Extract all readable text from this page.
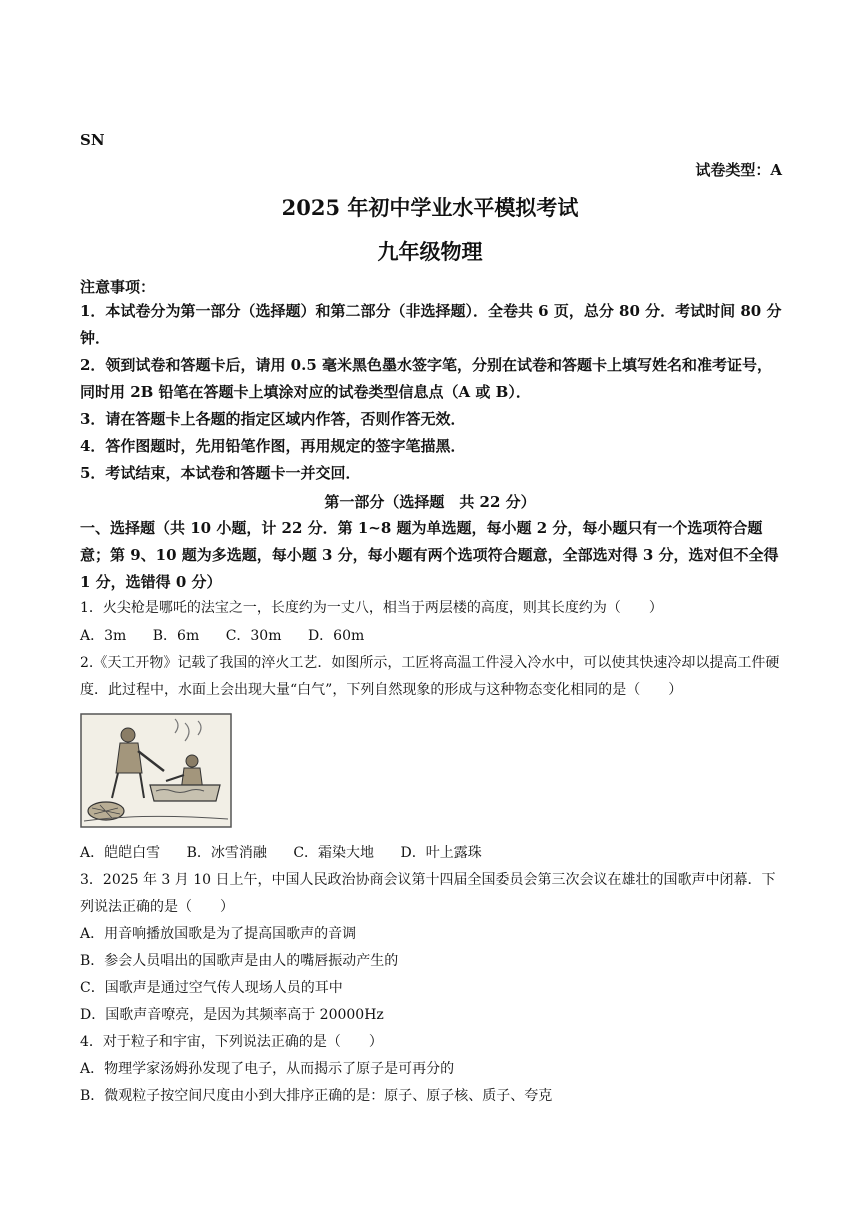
SN
试卷类型：A
2025 年初中学业水平模拟考试
九年级物理
注意事项：
1．本试卷分为第一部分（选择题）和第二部分（非选择题）．全卷共 6 页，总分 80 分．考试时间 80 分钟．
2．领到试卷和答题卡后，请用 0.5 毫米黑色墨水签字笔，分别在试卷和答题卡上填写姓名和准考证号，同时用 2B 铅笔在答题卡上填涂对应的试卷类型信息点（A 或 B）．
3．请在答题卡上各题的指定区域内作答，否则作答无效．
4．答作图题时，先用铅笔作图，再用规定的签字笔描黑．
5．考试结束，本试卷和答题卡一并交回．
第一部分（选择题　共 22 分）
一、选择题（共 10 小题，计 22 分．第 1~8 题为单选题，每小题 2 分，每小题只有一个选项符合题意；第 9、10 题为多选题，每小题 3 分，每小题有两个选项符合题意，全部选对得 3 分，选对但不全得 1 分，选错得 0 分）
1．火尖枪是哪吒的法宝之一，长度约为一丈八，相当于两层楼的高度，则其长度约为（　　）
A．3m B．6m C．30m D．60m
2.《天工开物》记载了我国的淬火工艺．如图所示，工匠将高温工件浸入冷水中，可以使其快速冷却以提高工件硬度．此过程中，水面上会出现大量“白气”，下列自然现象的形成与这种物态变化相同的是（　　）
A．皑皑白雪 B．冰雪消融 C．霜染大地 D．叶上露珠
3．2025 年 3 月 10 日上午，中国人民政治协商会议第十四届全国委员会第三次会议在雄壮的国歌声中闭幕．下列说法正确的是（　　）
A．用音响播放国歌是为了提高国歌声的音调
B．参会人员唱出的国歌声是由人的嘴唇振动产生的
C．国歌声是通过空气传人现场人员的耳中
D．国歌声音嘹亮，是因为其频率高于 20000Hz
4．对于粒子和宇宙，下列说法正确的是（　　）
A．物理学家汤姆孙发现了电子，从而揭示了原子是可再分的
B．微观粒子按空间尺度由小到大排序正确的是：原子、原子核、质子、夸克
